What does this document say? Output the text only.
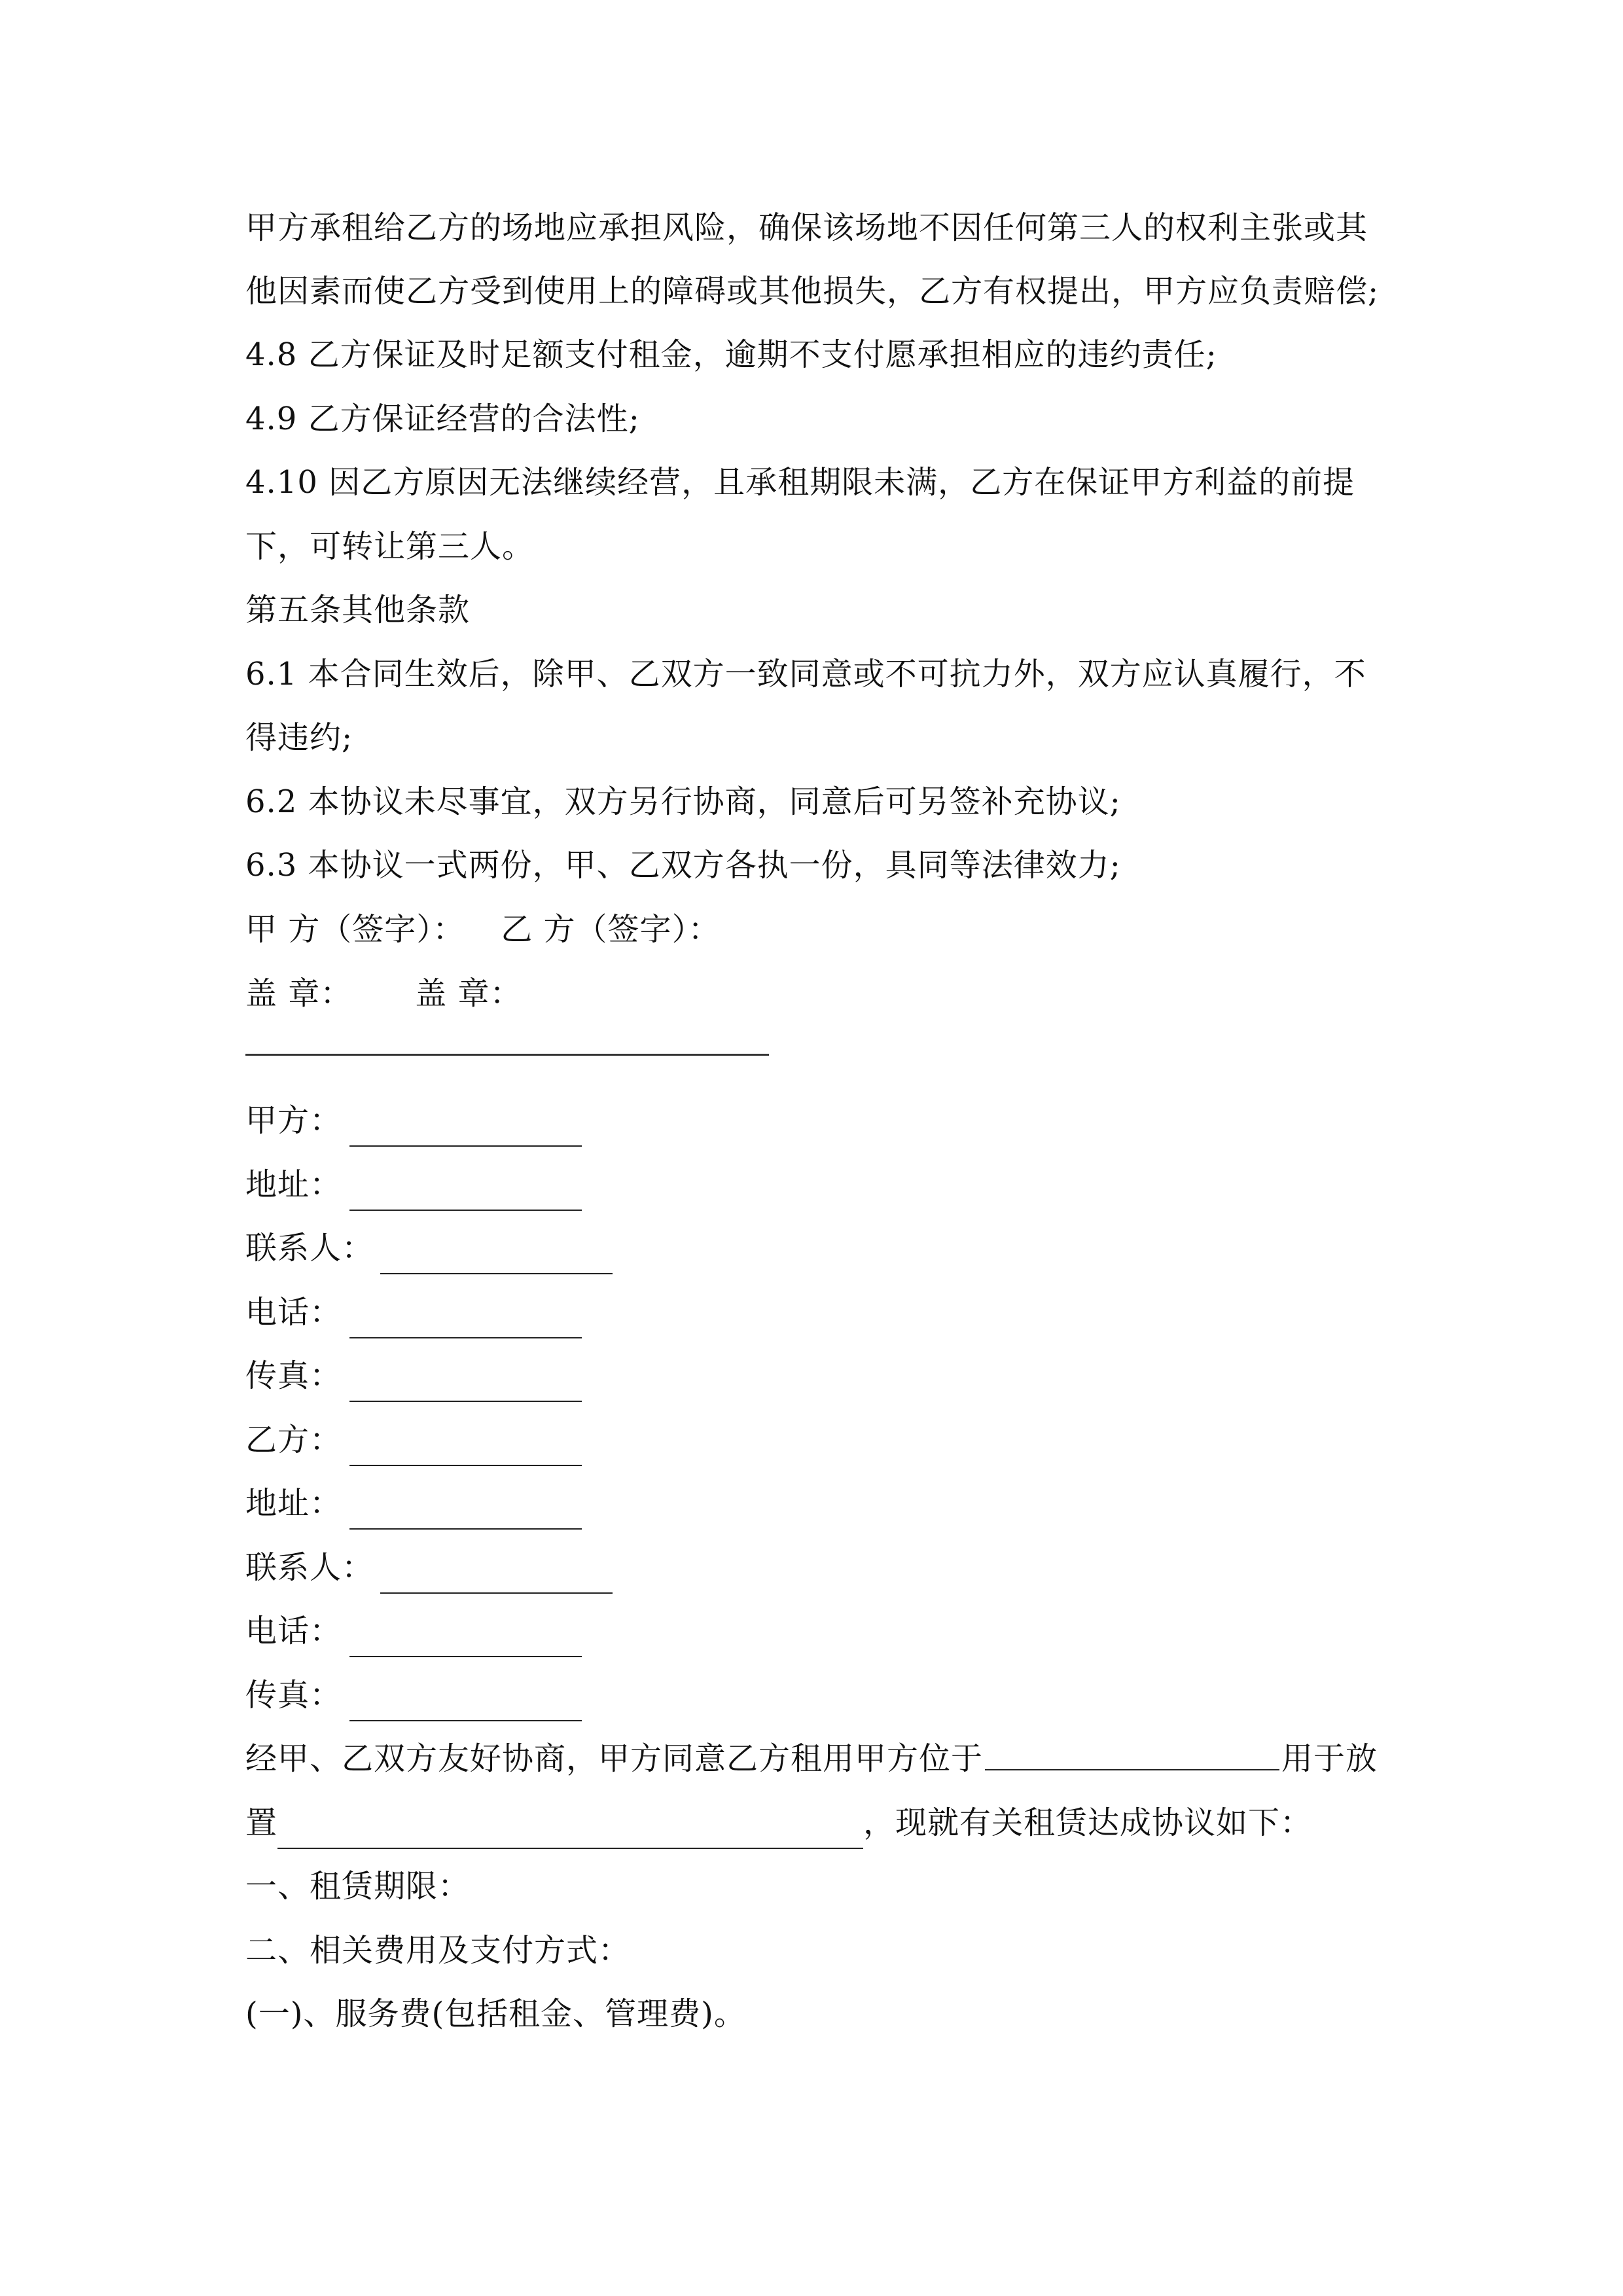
甲方承租给乙方的场地应承担风险，确保该场地不因任何第三人的权利主张或其
他因素而使乙方受到使用上的障碍或其他损失，乙方有权提出，甲方应负责赔偿;
4.8 乙方保证及时足额支付租金，逾期不支付愿承担相应的违约责任;
4.9 乙方保证经营的合法性;
4.10 因乙方原因无法继续经营，且承租期限未满，乙方在保证甲方利益的前提
下，可转让第三人。
第五条其他条款
6.1 本合同生效后，除甲、乙双方一致同意或不可抗力外，双方应认真履行，不
得违约;
6.2 本协议未尽事宜，双方另行协商，同意后可另签补充协议;
6.3 本协议一式两份，甲、乙双方各执一份，具同等法律效力;
甲 方（签字）： 乙 方（签字）：
盖 章： 盖 章：
甲方：
地址：
联系人：
电话：
传真：
乙方：
地址：
联系人：
电话：
传真：
经甲、乙双方友好协商，甲方同意乙方租用甲方位于	用于放
置	，现就有关租赁达成协议如下：
一、租赁期限：
二、相关费用及支付方式：
(一)、服务费(包括租金、管理费)。
